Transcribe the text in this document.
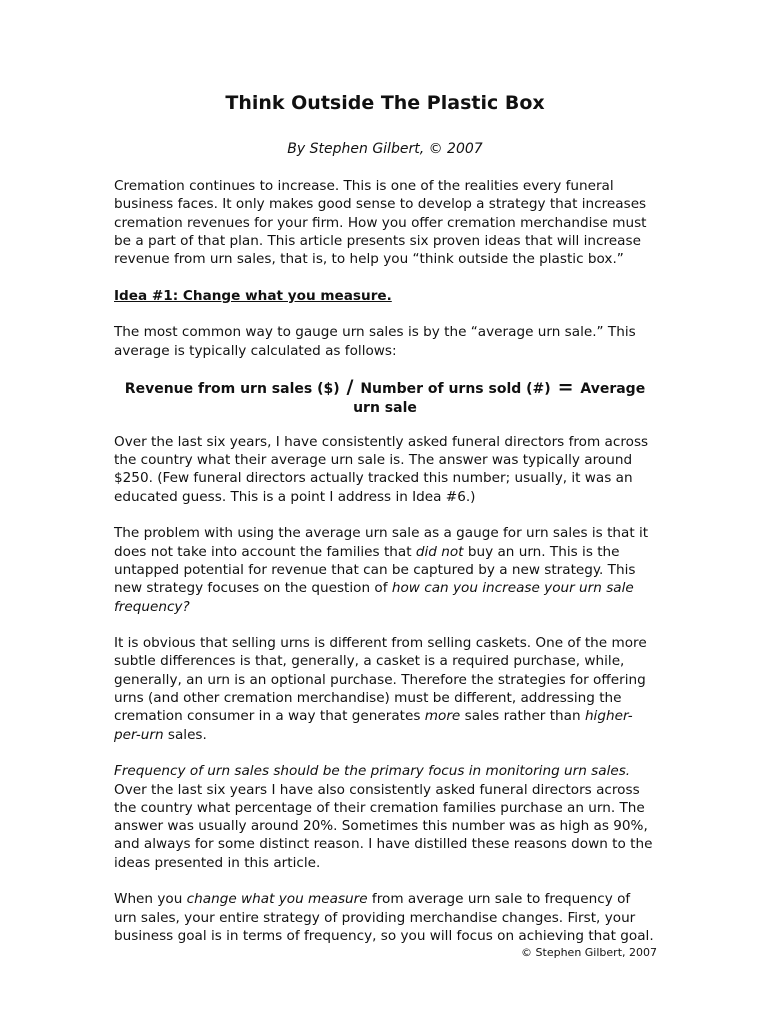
Think Outside The Plastic Box
By Stephen Gilbert, © 2007

Cremation continues to increase. This is one of the realities every funeral business faces. It only makes good sense to develop a strategy that increases cremation revenues for your firm. How you offer cremation merchandise must be a part of that plan. This article presents six proven ideas that will increase revenue from urn sales, that is, to help you “think outside the plastic box.”

Idea #1: Change what you measure.

The most common way to gauge urn sales is by the “average urn sale.” This average is typically calculated as follows:

Revenue from urn sales ($) / Number of urns sold (#) = Average urn sale

Over the last six years, I have consistently asked funeral directors from across the country what their average urn sale is. The answer was typically around $250. (Few funeral directors actually tracked this number; usually, it was an educated guess. This is a point I address in Idea #6.)

The problem with using the average urn sale as a gauge for urn sales is that it does not take into account the families that did not buy an urn. This is the untapped potential for revenue that can be captured by a new strategy. This new strategy focuses on the question of how can you increase your urn sale frequency?

It is obvious that selling urns is different from selling caskets. One of the more subtle differences is that, generally, a casket is a required purchase, while, generally, an urn is an optional purchase. Therefore the strategies for offering urns (and other cremation merchandise) must be different, addressing the cremation consumer in a way that generates more sales rather than higher-per-urn sales.

Frequency of urn sales should be the primary focus in monitoring urn sales. Over the last six years I have also consistently asked funeral directors across the country what percentage of their cremation families purchase an urn. The answer was usually around 20%. Sometimes this number was as high as 90%, and always for some distinct reason. I have distilled these reasons down to the ideas presented in this article.

When you change what you measure from average urn sale to frequency of urn sales, your entire strategy of providing merchandise changes. First, your business goal is in terms of frequency, so you will focus on achieving that goal.

© Stephen Gilbert, 2007
